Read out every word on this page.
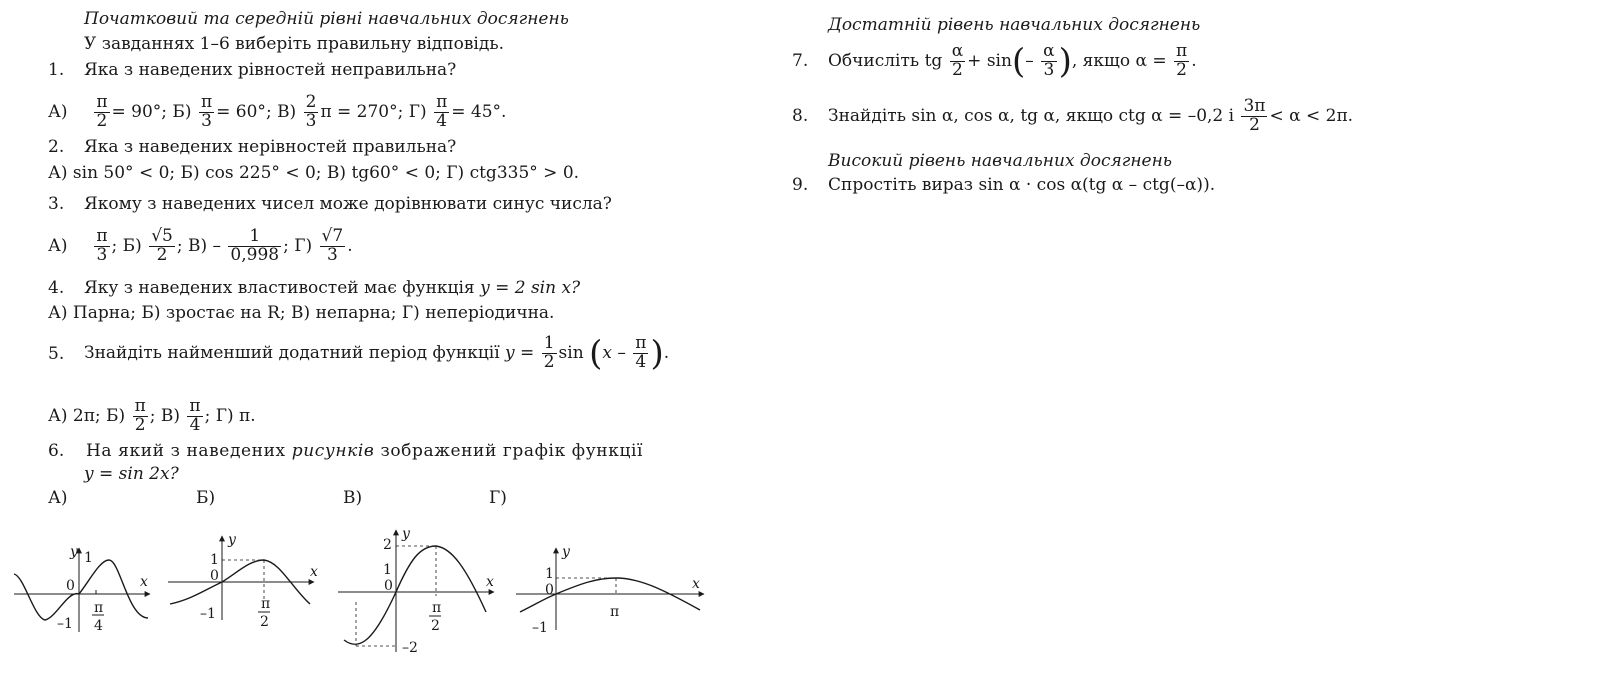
Початковий та середній рівні навчальних досягнень
У завданнях 1–6 виберіть правильну відповідь.
1. Яка з наведених рівностей неправильна?
$А) \frac{\pi}{2} = 90^\circ$; $Б) \frac{\pi}{3} = 60^\circ$; $В) \frac{2}{3}$ π = 270°; $Г) \frac{\pi}{4} = 45^\circ$.
2. Яка з наведених нерівностей правильна?
А) sin 50° < 0; Б) cos 225° < 0; В) tg60° < 0; Г) ctg335° > 0.
3. Якому з наведених чисел може дорівнювати синус числа?
$А) \frac{\pi}{3}$ ; $Б) \frac{√5}{2}$ ; $В) - \frac{1}{0,998}$ ; $Г) \frac{√7}{3}$ .
4. Яку з наведених властивостей має функція y = 2 sin x?
А) Парна; Б) зростає на R; В) непарна; Г) неперіодична.
5. Знайдіть найменший додатний період функції $y = \frac{1}{2}$ $\sin (x - \frac{\pi}{4}$ ).
А) 2π; $Б) \frac{\pi}{2}$ ; $В) \frac{\pi}{4}$ ; Г) π.
6. На який з наведених рисунків зображений графік функції
y = sin 2x?
А)	Б)	В)	Г)
y 1
x
0
–1
π
4
y
1
x
0
–1
π
2
y
2
1
x
0
–2
π
2
y
1
x
0
–1
π
Достатній рівень навчальних досягнень
7. Обчисліть tg $\frac{\alpha}{2} + \sin(- \frac{\alpha}{3}$ ), якщо $\alpha = \frac{\pi}{2}$ .
8. Знайдіть sin α, cos α, tg α, якщо ctg α = –0,2 і $\frac{3\pi}{2} < \alpha < 2\pi$.
Високий рівень навчальних досягнень
9. Спростіть вираз sin α · cos α(tg α – ctg(–α)).
